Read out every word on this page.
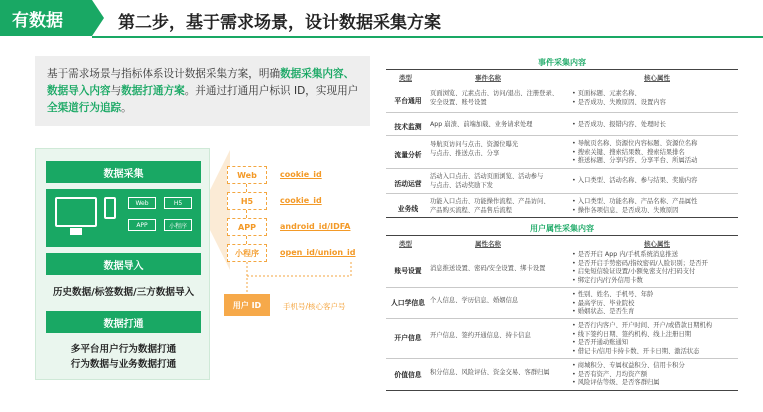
有数据	第二步，基于需求场景，设计数据采集方案
基于需求场景与指标体系设计数据采集方案，明确数据采集内容、数据导入内容与数据打通方案。并通过打通用户标识 ID，实现用户全渠道行为追踪。
数据采集
Web	H5
APP	小程序
数据导入
历史数据/标签数据/三方数据导入
数据打通
多平台用户行为数据打通
行为数据与业务数据打通
Web
H5
APP
小程序
cookie_id
cookie_id
android_id/IDFA
open_id/union_id
用户 ID	手机号/核心客户号
事件采集内容
类型	事件名称	核心属性
平台通用
页面浏览、元素点击、访问/退出、注册登录、
安全设置、账号设置
• 页面标题、元素名称、
• 是否成功、失败原因、设置内容
技术监测	App 崩溃、前端加载、业务请求处理
•	是否成功、报错内容、处理时长
流量分析
导航页访问与点击、资源位曝光
与点击、推送点击、分享
• 导航页名称、资源位内容标题、资源位名称
• 搜索关键、搜索结果数、搜索结果排名
• 推送标题、分享内容、分享平台、所属活动
活动运营
活动入口点击、活动页面浏览、活动参与
与点击、活动奖励下发
• 入口类型、活动名称、参与结果、奖励内容
业务线
功能入口点击、功能操作流程、产品访问、
产品购买流程、产品售后流程
• 入口类型、功能名称、产品名称、产品属性
• 操作各项信息、是否成功、失败原因
用户属性采集内容
类型	属性名称	核心属性
账号设置	消息推送设置、密码/安全设置、绑卡设置
• 是否开启 App 内/手机系统消息推送
• 是否开启手势密码/指纹密码/人脸识别；是否开
• 启免短信验证设置/小额免密支付/扫码支付
• 绑定行内/行外信用卡数
人口学信息 个人信息、学历信息、婚姻信息
• 性别、姓名、手机号、年龄
• 最高学历、毕业院校
• 婚姻状态、是否生育
开户信息	开户信息、签约开通信息、持卡信息
• 是否行内客户、开户时间、开户/或借款日期机构
• 线下签约日期、签约机构、线上注册日期
• 是否开通动账通知
• 借记卡/信用卡持卡数、开卡日期、激活状态
价值信息	积分信息、风险评估、资金交易、客群归属
• 商城积分、专属权益积分、信用卡积分
• 是否有资产、月均资产额
• 风险评估等级、是否客群归属
